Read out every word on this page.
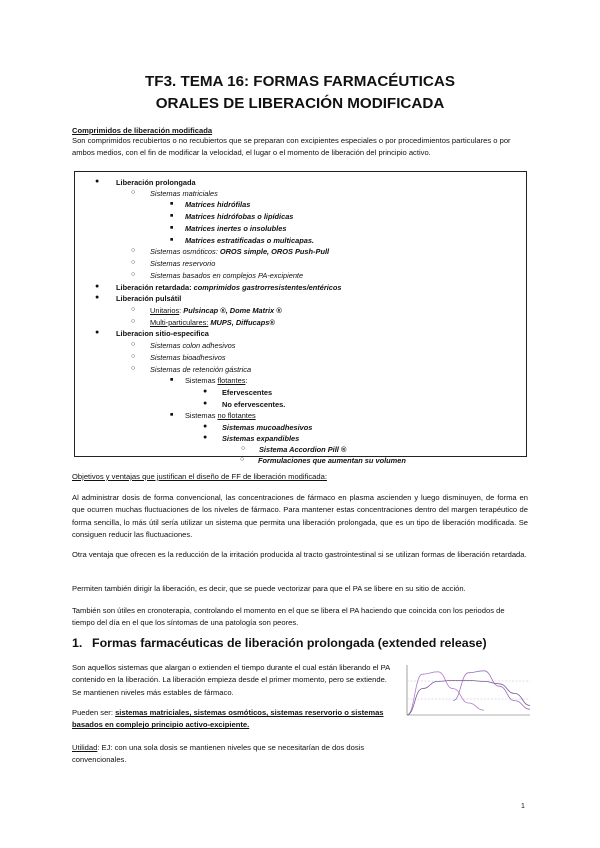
TF3. TEMA 16: FORMAS FARMACÉUTICAS
ORALES DE LIBERACIÓN MODIFICADA
Comprimidos de liberación modificada
Son comprimidos recubiertos o no recubiertos que se preparan con excipientes especiales o por procedimientos particulares o por ambos medios, con el fin de modificar la velocidad, el lugar o el momento de liberación del principio activo.
● Liberación prolongada
○ Sistemas matriciales
■ Matrices hidrófilas
■ Matrices hidrófobas o lipídicas
■ Matrices inertes o insolubles
■ Matrices estratificadas o multicapas.
○ Sistemas osmóticos: OROS simple, OROS Push-Pull
○ Sistemas reservorio
○ Sistemas basados en complejos PA-excipiente
● Liberación retardada: comprimidos gastrorresistentes/entéricos
● Liberación pulsátil
○ Unitarios: Pulsincap ®, Dome Matrix ®
○ Multi-particulares: MUPS, Diffucaps®
● Liberacion sitio-especifica
○ Sistemas colon adhesivos
○ Sistemas bioadhesivos
○ Sistemas de retención gástrica
■ Sistemas flotantes:
● Efervescentes
● No efervescentes.
■ Sistemas no flotantes
● Sistemas mucoadhesivos
● Sistemas expandibles
○ Sistema Accordion Pill ®
○ Formulaciones que aumentan su volumen
Objetivos y ventajas que justifican el diseño de FF de liberación modificada:
Al administrar dosis de forma convencional, las concentraciones de fármaco en plasma ascienden y luego disminuyen, de forma en que ocurren muchas fluctuaciones de los niveles de fármaco. Para mantener estas concentraciones dentro del margen terapéutico de forma sencilla, lo más útil sería utilizar un sistema que permita una liberación prolongada, que es un tipo de liberación modificada. Se consiguen reducir las fluctuaciones.
Otra ventaja que ofrecen es la reducción de la irritación producida al tracto gastrointestinal si se utilizan formas de liberación retardada.
Permiten también dirigir la liberación, es decir, que se puede vectorizar para que el PA se libere en su sitio de acción.
También son útiles en cronoterapia, controlando el momento en el que se libera el PA haciendo que coincida con los periodos de tiempo del día en el que los síntomas de una patología son peores.
1. Formas farmacéuticas de liberación prolongada (extended release)
Son aquellos sistemas que alargan o extienden el tiempo durante el cual están liberando el PA contenido en la liberación. La liberación empieza desde el primer momento, pero se extiende. Se mantienen niveles más estables de fármaco.
Pueden ser: sistemas matriciales, sistemas osmóticos, sistemas reservorio o sistemas basados en complejo principio activo-excipiente.
Utilidad: EJ: con una sola dosis se mantienen niveles que se necesitarían de dos dosis convencionales.
1
